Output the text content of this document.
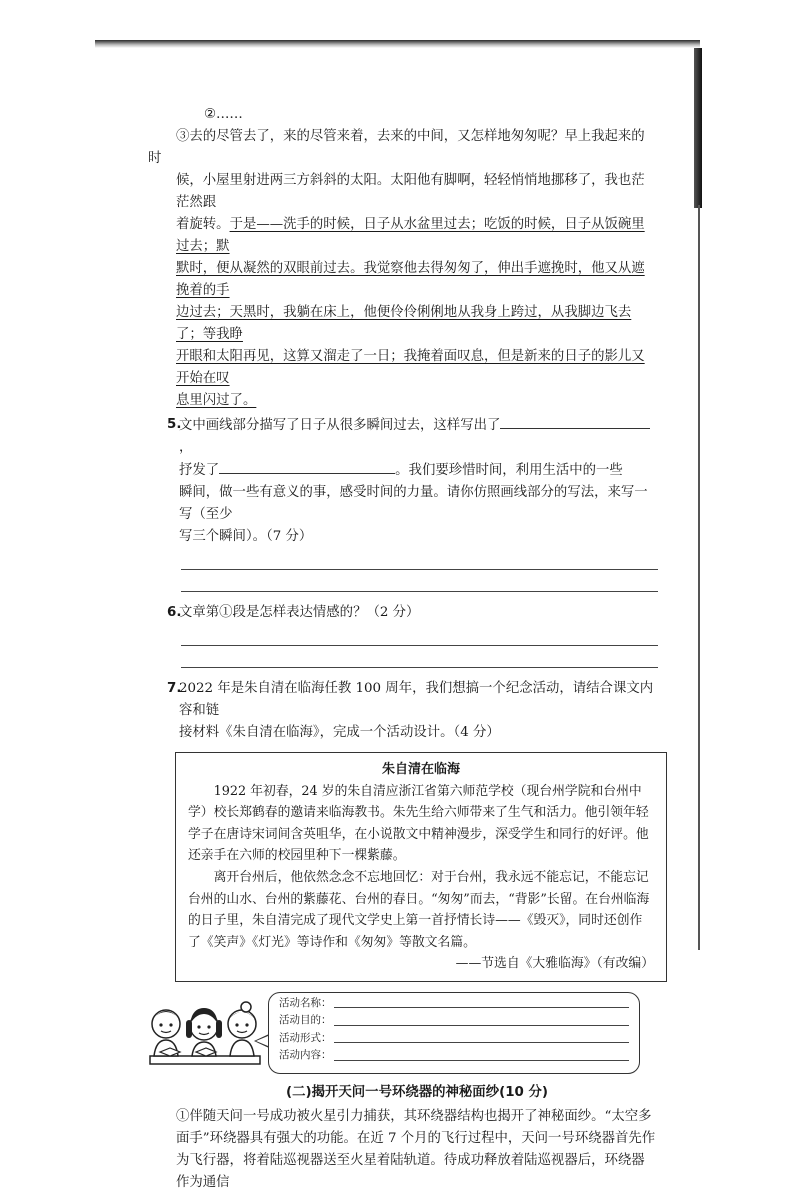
②……

③去的尽管去了，来的尽管来着，去来的中间，又怎样地匆匆呢？早上我起来的时

候，小屋里射进两三方斜斜的太阳。太阳他有脚啊，轻轻悄悄地挪移了，我也茫茫然跟

着旋转。于是——洗手的时候，日子从水盆里过去；吃饭的时候，日子从饭碗里过去；默

默时，便从凝然的双眼前过去。我觉察他去得匆匆了，伸出手遮挽时，他又从遮挽着的手

边过去；天黑时，我躺在床上，他便伶伶俐俐地从我身上跨过，从我脚边飞去了；等我睁

开眼和太阳再见，这算又溜走了一日；我掩着面叹息，但是新来的日子的影儿又开始在叹

息里闪过了。

5.

文中画线部分描写了日子从很多瞬间过去，这样写出了，

抒发了	。我们要珍惜时间，利用生活中的一些

瞬间，做一些有意义的事，感受时间的力量。请你仿照画线部分的写法，来写一写（至少

写三个瞬间）。（7 分）

6.

文章第①段是怎样表达情感的？（2 分）

7.

2022 年是朱自清在临海任教 100 周年，我们想搞一个纪念活动，请结合课文内容和链

接材料《朱自清在临海》，完成一个活动设计。（4 分）

朱自清在临海

1922 年初春，24 岁的朱自清应浙江省第六师范学校（现台州学院和台州中学）校长郑鹤春的邀请来临海教书。朱先生给六师带来了生气和活力。他引领年轻学子在唐诗宋词间含英咀华，在小说散文中精神漫步，深受学生和同行的好评。他还亲手在六师的校园里种下一棵紫藤。

离开台州后，他依然念念不忘地回忆：对于台州，我永远不能忘记，不能忘记台州的山水、台州的紫藤花、台州的春日。“匆匆”而去，“背影”长留。在台州临海的日子里，朱自清完成了现代文学史上第一首抒情长诗——《毁灭》，同时还创作了《笑声》《灯光》等诗作和《匆匆》等散文名篇。

——节选自《大雅临海》（有改编）

活动名称：
活动目的：
活动形式：
活动内容：
(二)揭开天问一号环绕器的神秘面纱(10 分)

①伴随天问一号成功被火星引力捕获，其环绕器结构也揭开了神秘面纱。“太空多面手”环绕器具有强大的功能。在近 7 个月的飞行过程中，天问一号环绕器首先作为飞行器，将着陆巡视器送至火星着陆轨道。待成功释放着陆巡视器后，环绕器作为通信
